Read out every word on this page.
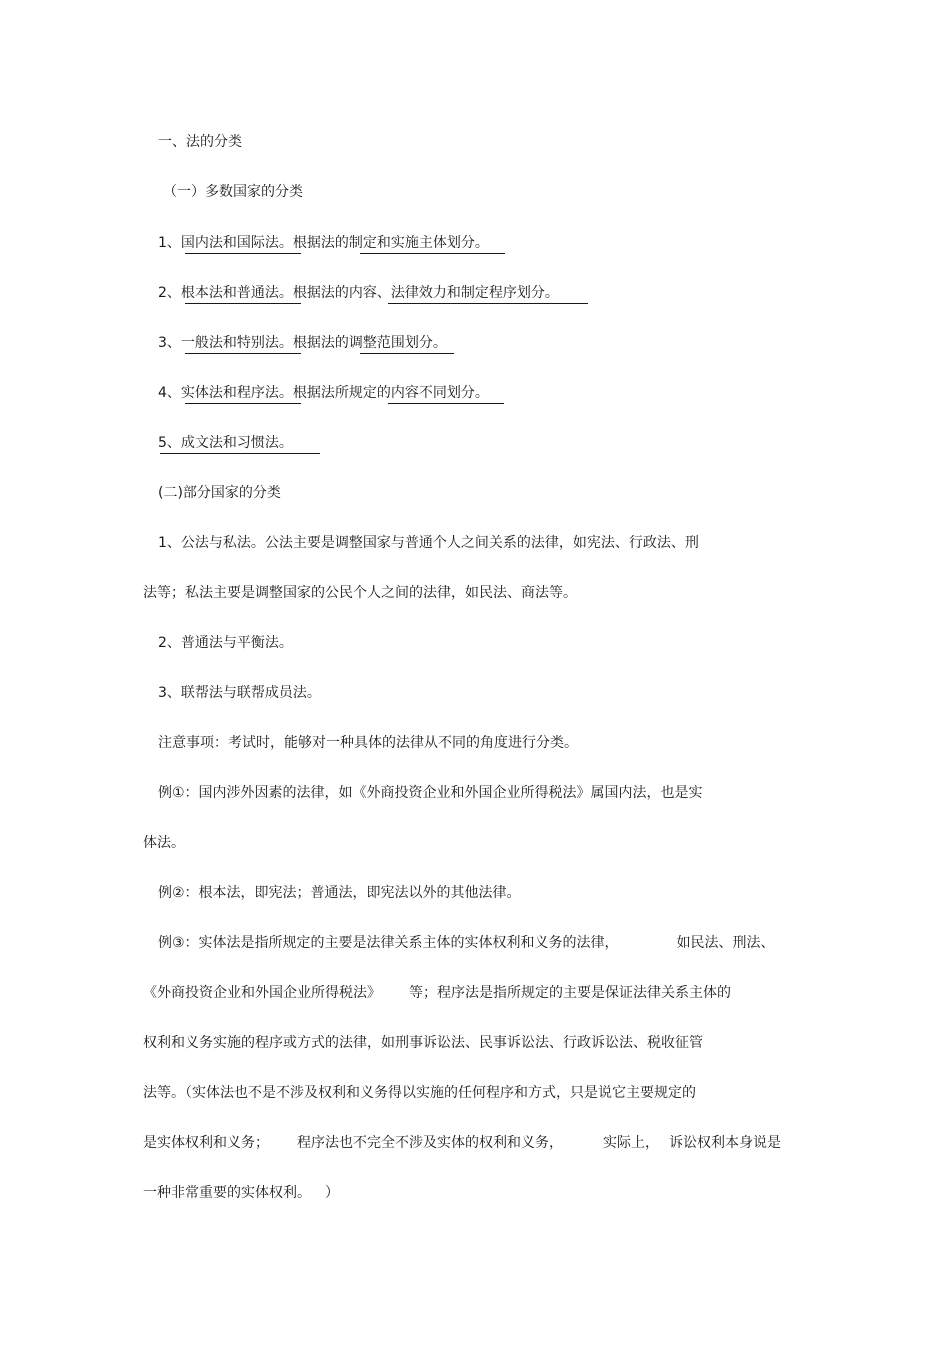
一、法的分类
（一）多数国家的分类
1、国内法和国际法。根据法的制定和实施主体划分。
2、根本法和普通法。根据法的内容、法律效力和制定程序划分。
3、一般法和特别法。根据法的调整范围划分。
4、实体法和程序法。根据法所规定的内容不同划分。
5、成文法和习惯法。
(二)部分国家的分类
1、公法与私法。公法主要是调整国家与普通个人之间关系的法律，如宪法、行政法、刑
法等；私法主要是调整国家的公民个人之间的法律，如民法、商法等。
2、普通法与平衡法。
3、联帮法与联帮成员法。
注意事项：考试时，能够对一种具体的法律从不同的角度进行分类。
例①：国内涉外因素的法律，如《外商投资企业和外国企业所得税法》属国内法，也是实
体法。
例②：根本法，即宪法；普通法，即宪法以外的其他法律。
例③：实体法是指所规定的主要是法律关系主体的实体权利和义务的法律，	如民法、刑法、
《外商投资企业和外国企业所得税法》 等；程序法是指所规定的主要是保证法律关系主体的
权利和义务实施的程序或方式的法律，如刑事诉讼法、民事诉讼法、行政诉讼法、税收征管
法等。（实体法也不是不涉及权利和义务得以实施的任何程序和方式，只是说它主要规定的
是实体权利和义务； 程序法也不完全不涉及实体的权利和义务，	实际上， 诉讼权利本身说是
一种非常重要的实体权利。 ）
